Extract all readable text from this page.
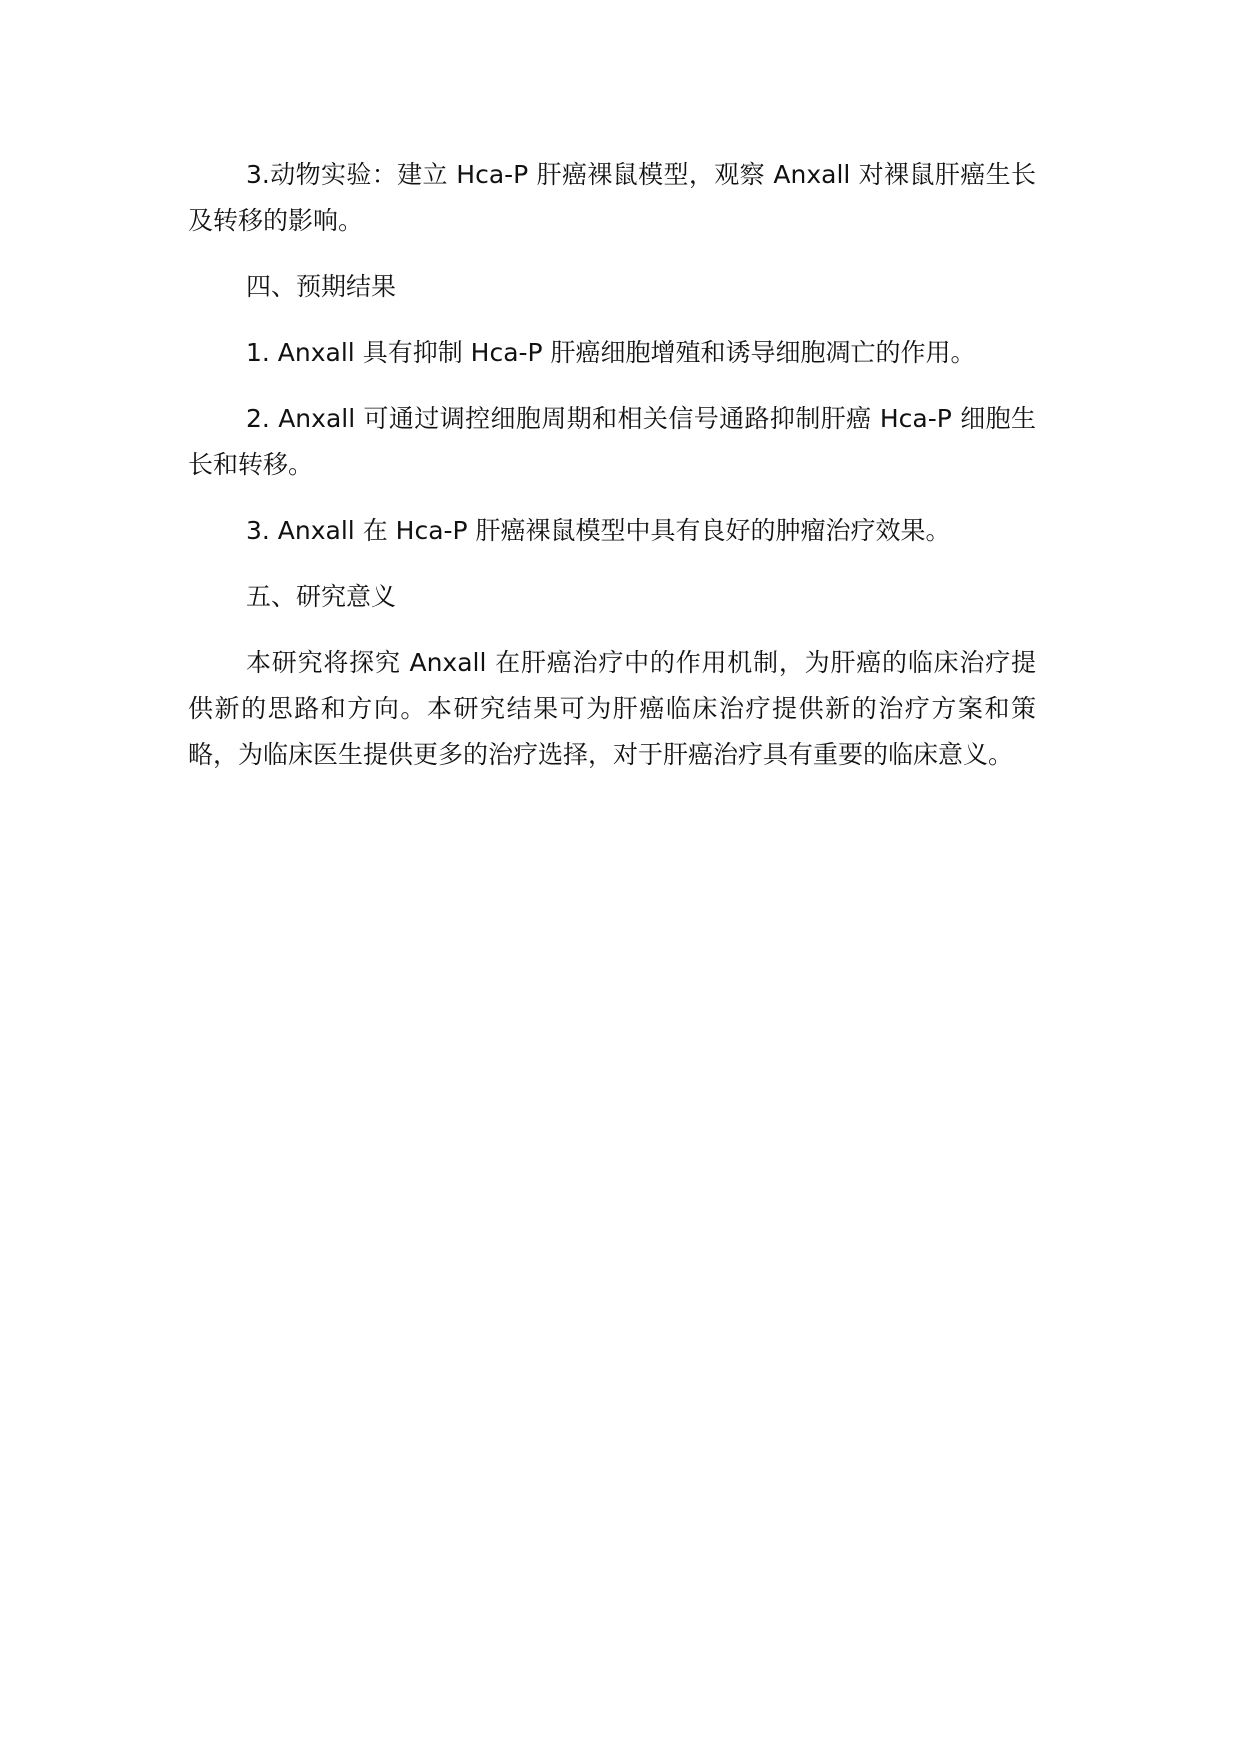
3.动物实验：建立 Hca-P 肝癌裸鼠模型，观察 Anxall 对裸鼠肝癌生长及转移的影响。

四、预期结果

1. Anxall 具有抑制 Hca-P 肝癌细胞增殖和诱导细胞凋亡的作用。

2. Anxall 可通过调控细胞周期和相关信号通路抑制肝癌 Hca-P 细胞生长和转移。

3. Anxall 在 Hca-P 肝癌裸鼠模型中具有良好的肿瘤治疗效果。

五、研究意义

本研究将探究 Anxall 在肝癌治疗中的作用机制，为肝癌的临床治疗提供新的思路和方向。本研究结果可为肝癌临床治疗提供新的治疗方案和策略，为临床医生提供更多的治疗选择，对于肝癌治疗具有重要的临床意义。
